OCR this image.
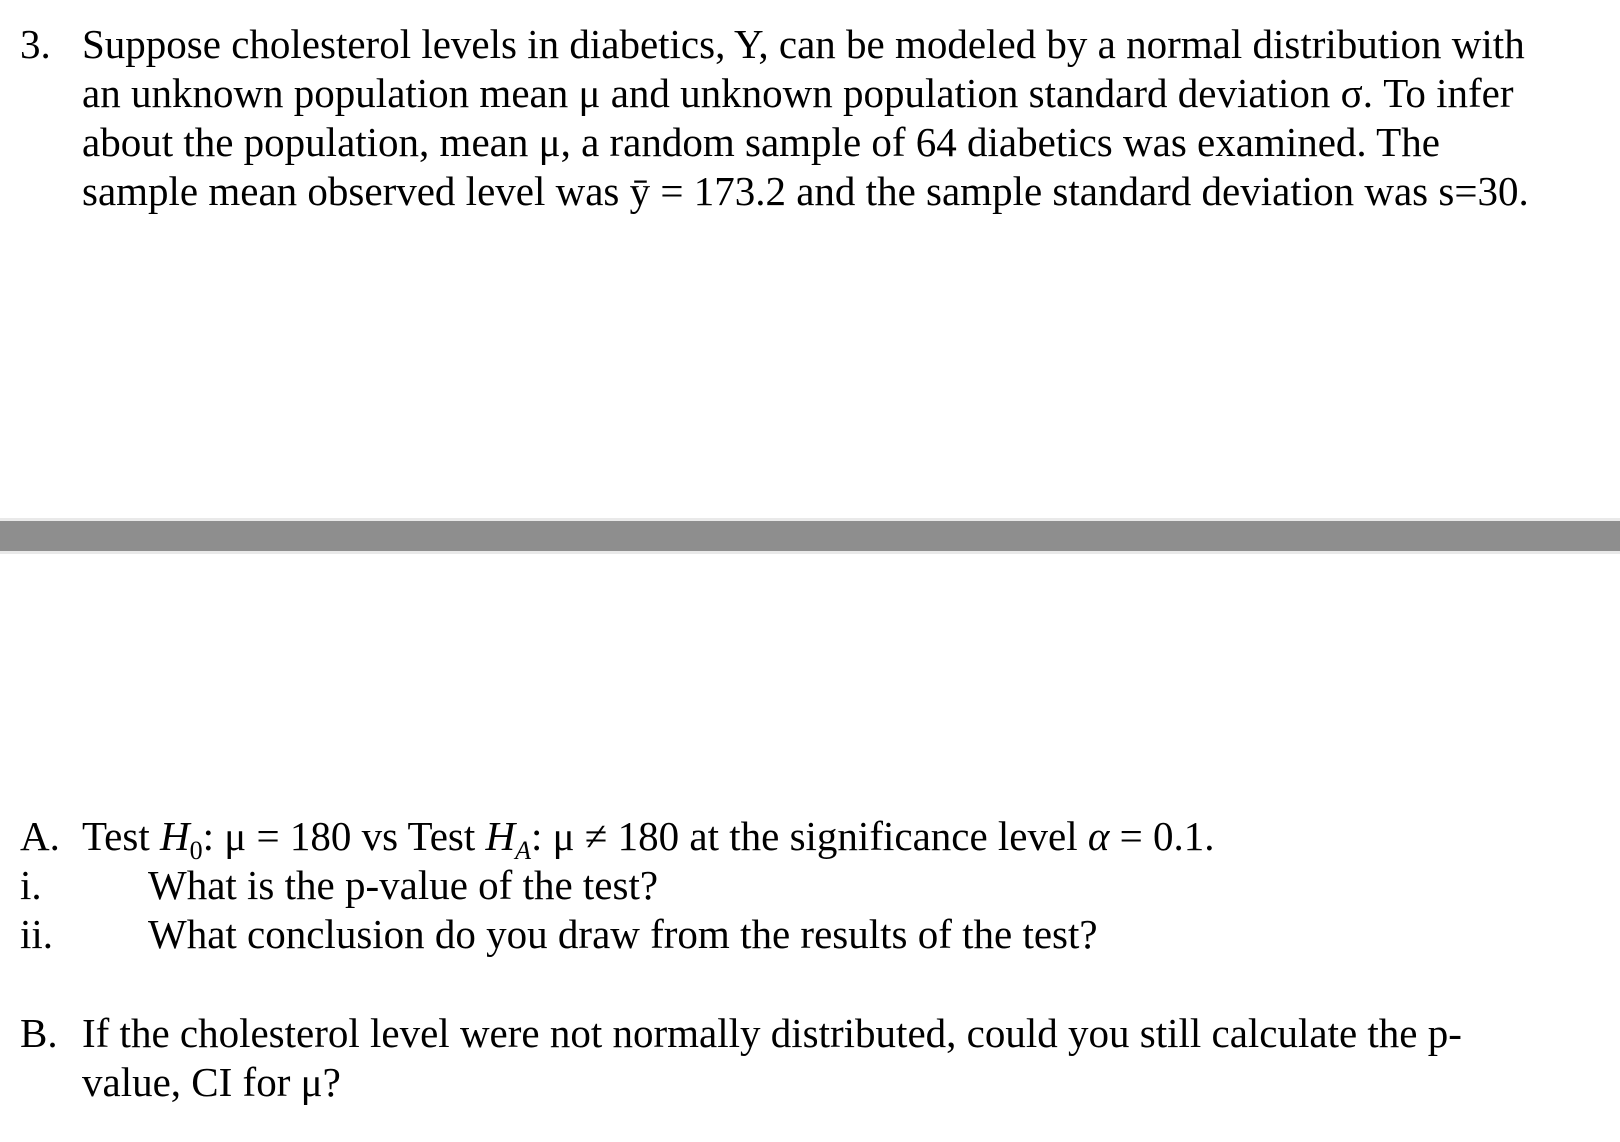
3. Suppose cholesterol levels in diabetics, Y, can be modeled by a normal distribution with
an unknown population mean μ and unknown population standard deviation σ. To infer
about the population, mean μ, a random sample of 64 diabetics was examined. The
sample mean observed level was ȳ = 173.2 and the sample standard deviation was s=30.
A. Test $H_0$: μ = 180 vs Test $H_A$: μ ≠ 180 at the significance level α = 0.1.
i.	What is the p-value of the test?
ii.	What conclusion do you draw from the results of the test?
B. If the cholesterol level were not normally distributed, could you still calculate the p-
value, CI for μ?
